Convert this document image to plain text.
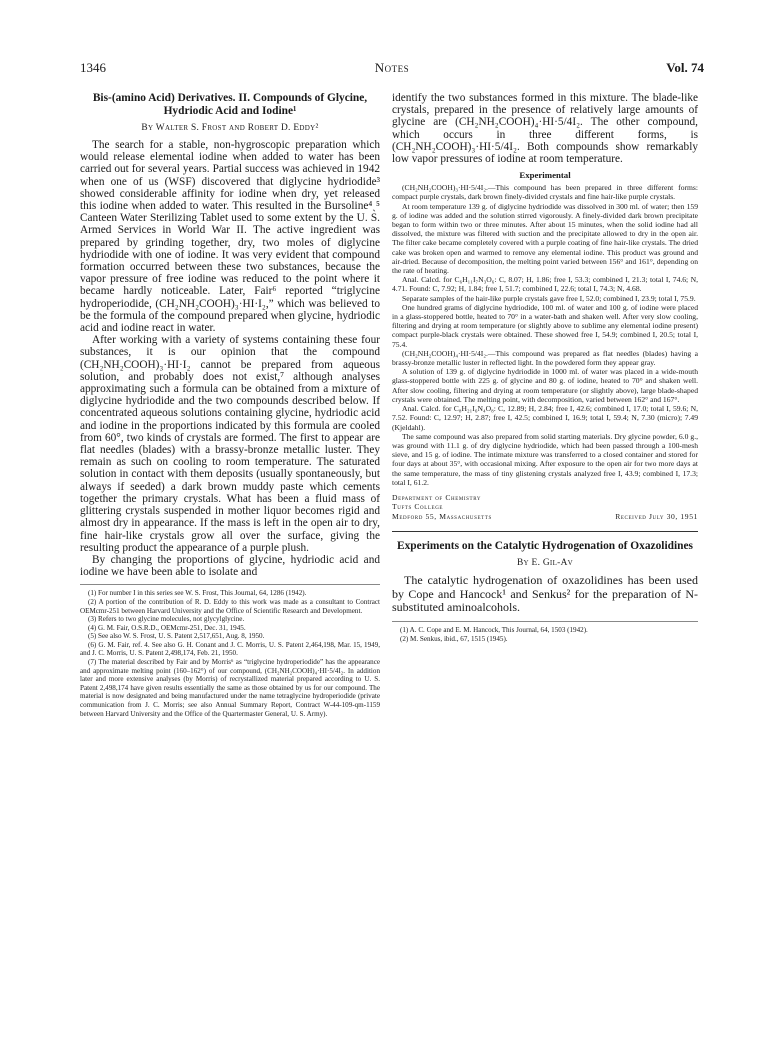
1346	Notes	Vol. 74
Bis-(amino Acid) Derivatives. II. Compounds of Glycine, Hydriodic Acid and Iodine¹
By Walter S. Frost and Robert D. Eddy²

The search for a stable, non-hygroscopic preparation which would release elemental iodine when added to water has been carried out for several years. Partial success was achieved in 1942 when one of us (WSF) discovered that diglycine hydriodide³ showed considerable affinity for iodine when dry, yet released this iodine when added to water. This resulted in the Bursoline⁴ˎ⁵ Canteen Water Sterilizing Tablet used to some extent by the U. S. Armed Services in World War II. The active ingredient was prepared by grinding together, dry, two moles of diglycine hydriodide with one of iodine. It was very evident that compound formation occurred between these two substances, because the vapor pressure of free iodine was reduced to the point where it became hardly noticeable. Later, Fair⁶ reported “triglycine hydroperiodide, (CH₂NH₂COOH)₃·HI·I₂,” which was believed to be the formula of the compound prepared when glycine, hydriodic acid and iodine react in water.

After working with a variety of systems containing these four substances, it is our opinion that the compound (CH₂NH₂COOH)₃·HI·I₂ cannot be prepared from aqueous solution, and probably does not exist,⁷ although analyses approximating such a formula can be obtained from a mixture of diglycine hydriodide and the two compounds described below. If concentrated aqueous solutions containing glycine, hydriodic acid and iodine in the proportions indicated by this formula are cooled from 60°, two kinds of crystals are formed. The first to appear are flat needles (blades) with a brassy-bronze metallic luster. They remain as such on cooling to room temperature. The saturated solution in contact with them deposits (usually spontaneously, but always if seeded) a dark brown muddy paste which cements together the primary crystals. What has been a fluid mass of glittering crystals suspended in mother liquor becomes rigid and almost dry in appearance. If the mass is left in the open air to dry, fine hair-like crystals grow all over the surface, giving the resulting product the appearance of a purple plush.

By changing the proportions of glycine, hydriodic acid and iodine we have been able to isolate and

(1) For number I in this series see W. S. Frost, This Journal, 64, 1286 (1942).

(2) A portion of the contribution of R. D. Eddy to this work was made as a consultant to Contract OEMcmr-251 between Harvard University and the Office of Scientific Research and Development.

(3) Refers to two glycine molecules, not glycylglycine.

(4) G. M. Fair, O.S.R.D., OEMcmr-251, Dec. 31, 1945.

(5) See also W. S. Frost, U. S. Patent 2,517,651, Aug. 8, 1950.

(6) G. M. Fair, ref. 4. See also G. H. Conant and J. C. Morris, U. S. Patent 2,464,198, Mar. 15, 1949, and J. C. Morris, U. S. Patent 2,498,174, Feb. 21, 1950.

(7) The material described by Fair and by Morris⁶ as “triglycine hydroperiodide” has the appearance and approximate melting point (160–162°) of our compound, (CH₂NH₂COOH)₄·HI·5/4I₂. In addition later and more extensive analyses (by Morris) of recrystallized material prepared according to U. S. Patent 2,498,174 have given results essentially the same as those obtained by us for our compound. The material is now designated and being manufactured under the name tetraglycine hydroperiodide (private communication from J. C. Morris; see also Annual Summary Report, Contract W-44-109-qm-1159 between Harvard University and the Office of the Quartermaster General, U. S. Army).

identify the two substances formed in this mixture. The blade-like crystals, prepared in the presence of relatively large amounts of glycine are (CH₂NH₂COOH)₄·HI·5/4I₂. The other compound, which occurs in three different forms, is (CH₂NH₂COOH)₃·HI·5/4I₂. Both compounds show remarkably low vapor pressures of iodine at room temperature.

Experimental

(CH₂NH₂COOH)₃·HI·5/4I₂.—This compound has been prepared in three different forms: compact purple crystals, dark brown finely-divided crystals and fine hair-like purple crystals.

At room temperature 139 g. of diglycine hydriodide was dissolved in 300 ml. of water; then 159 g. of iodine was added and the solution stirred vigorously. A finely-divided dark brown precipitate began to form within two or three minutes. After about 15 minutes, when the solid iodine had all dissolved, the mixture was filtered with suction and the precipitate allowed to dry in the open air. The filter cake became completely covered with a purple coating of fine hair-like crystals. The dried cake was broken open and warmed to remove any elemental iodine. This product was ground and air-dried. Because of decomposition, the melting point varied between 156° and 161°, depending on the rate of heating.

Anal. Calcd. for C₆H₁₁I₇N₃O₆: C, 8.07; H, 1.86; free I, 53.3; combined I, 21.3; total I, 74.6; N, 4.71. Found: C, 7.92; H, 1.84; free I, 51.7; combined I, 22.6; total I, 74.3; N, 4.68.

Separate samples of the hair-like purple crystals gave free I, 52.0; combined I, 23.9; total I, 75.9.

One hundred grams of diglycine hydriodide, 100 ml. of water and 100 g. of iodine were placed in a glass-stoppered bottle, heated to 70° in a water-bath and shaken well. After very slow cooling, filtering and drying at room temperature (or slightly above to sublime any elemental iodine present) compact purple-black crystals were obtained. These showed free I, 54.9; combined I, 20.5; total I, 75.4.

(CH₂NH₂COOH)₄·HI·5/4I₂.—This compound was prepared as flat needles (blades) having a brassy-bronze metallic luster in reflected light. In the powdered form they appear gray.

A solution of 139 g. of diglycine hydriodide in 1000 ml. of water was placed in a wide-mouth glass-stoppered bottle with 225 g. of glycine and 80 g. of iodine, heated to 70° and shaken well. After slow cooling, filtering and drying at room temperature (or slightly above), large blade-shaped crystals were obtained. The melting point, with decomposition, varied between 162° and 167°.

Anal. Calcd. for C₈H₂₁I₆N₄O₈: C, 12.89; H, 2.84; free I, 42.6; combined I, 17.0; total I, 59.6; N, 7.52. Found: C, 12.97; H, 2.87; free I, 42.5; combined I, 16.9; total I, 59.4; N, 7.30 (micro); 7.49 (Kjeldahl).

The same compound was also prepared from solid starting materials. Dry glycine powder, 6.0 g., was ground with 11.1 g. of dry diglycine hydriodide, which had been passed through a 100-mesh sieve, and 15 g. of iodine. The intimate mixture was transferred to a closed container and stored for four days at about 35°, with occasional mixing. After exposure to the open air for two more days at the same temperature, the mass of tiny glistening crystals analyzed free I, 43.9; combined I, 17.3; total I, 61.2.

Department of Chemistry
Tufts College
Medford 55, Massachusetts	Received July 30, 1951
Experiments on the Catalytic Hydrogenation of Oxazolidines
By E. Gil-Av

The catalytic hydrogenation of oxazolidines has been used by Cope and Hancock¹ and Senkus² for the preparation of N-substituted aminoalcohols.

(1) A. C. Cope and E. M. Hancock, This Journal, 64, 1503 (1942).

(2) M. Senkus, ibid., 67, 1515 (1945).
